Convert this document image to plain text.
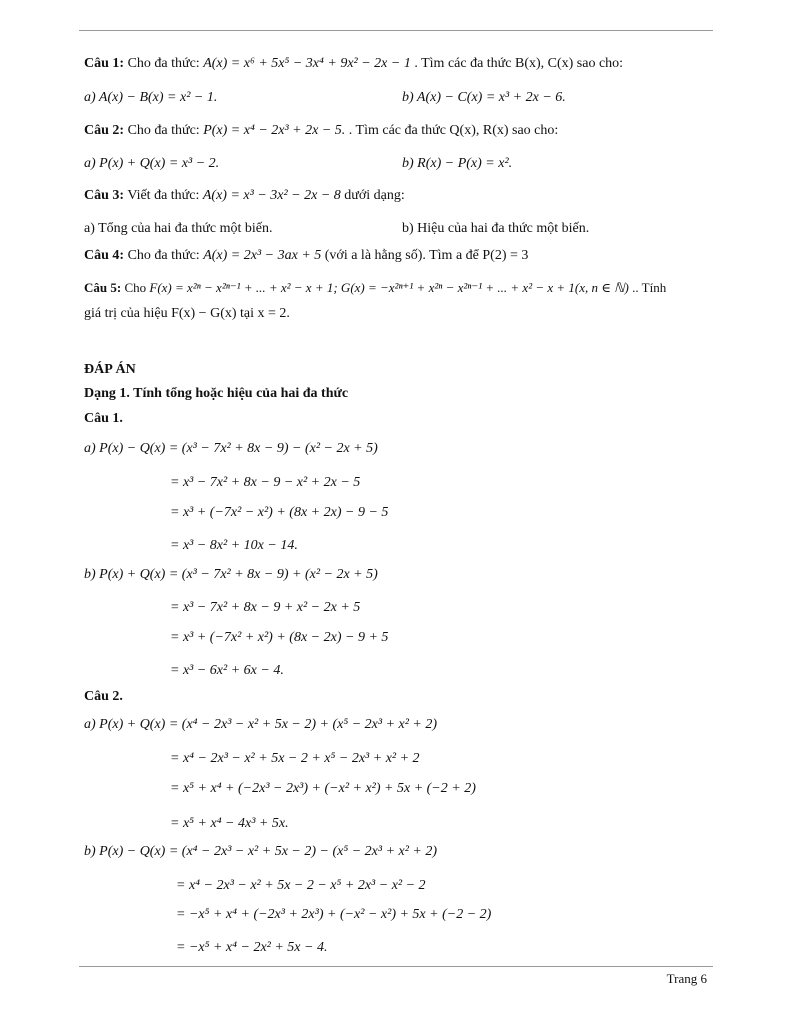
Câu 1: Cho đa thức: A(x) = x⁶ + 5x⁵ − 3x⁴ + 9x² − 2x − 1 . Tìm các đa thức B(x), C(x) sao cho:
a) A(x) − B(x) = x² − 1.	b) A(x) − C(x) = x³ + 2x − 6.
Câu 2: Cho đa thức: P(x) = x⁴ − 2x³ + 2x − 5. . Tìm các đa thức Q(x), R(x) sao cho:
a) P(x) + Q(x) = x³ − 2.	b) R(x) − P(x) = x².
Câu 3: Viết đa thức: A(x) = x³ − 3x² − 2x − 8 dưới dạng:
a) Tổng của hai đa thức một biến.	b) Hiệu của hai đa thức một biến.
Câu 4: Cho đa thức: A(x) = 2x³ − 3ax + 5 (với a là hằng số). Tìm a để P(2) = 3
Câu 5: Cho F(x) = x²ⁿ − x²ⁿ⁻¹ + ... + x² − x + 1; G(x) = −x²ⁿ⁺¹ + x²ⁿ − x²ⁿ⁻¹ + ... + x² − x + 1(x, n ∈ ℕ) .. Tính
giá trị của hiệu F(x) − G(x) tại x = 2.
ĐÁP ÁN
Dạng 1. Tính tổng hoặc hiệu của hai đa thức
Câu 1.
a) P(x) − Q(x) = (x³ − 7x² + 8x − 9) − (x² − 2x + 5)
= x³ − 7x² + 8x − 9 − x² + 2x − 5
= x³ + (−7x² − x²) + (8x + 2x) − 9 − 5
= x³ − 8x² + 10x − 14.
b) P(x) + Q(x) = (x³ − 7x² + 8x − 9) + (x² − 2x + 5)
= x³ − 7x² + 8x − 9 + x² − 2x + 5
= x³ + (−7x² + x²) + (8x − 2x) − 9 + 5
= x³ − 6x² + 6x − 4.
Câu 2.
a) P(x) + Q(x) = (x⁴ − 2x³ − x² + 5x − 2) + (x⁵ − 2x³ + x² + 2)
= x⁴ − 2x³ − x² + 5x − 2 + x⁵ − 2x³ + x² + 2
= x⁵ + x⁴ + (−2x³ − 2x³) + (−x² + x²) + 5x + (−2 + 2)
= x⁵ + x⁴ − 4x³ + 5x.
b) P(x) − Q(x) = (x⁴ − 2x³ − x² + 5x − 2) − (x⁵ − 2x³ + x² + 2)
= x⁴ − 2x³ − x² + 5x − 2 − x⁵ + 2x³ − x² − 2
= −x⁵ + x⁴ + (−2x³ + 2x³) + (−x² − x²) + 5x + (−2 − 2)
= −x⁵ + x⁴ − 2x² + 5x − 4.
Trang 6
